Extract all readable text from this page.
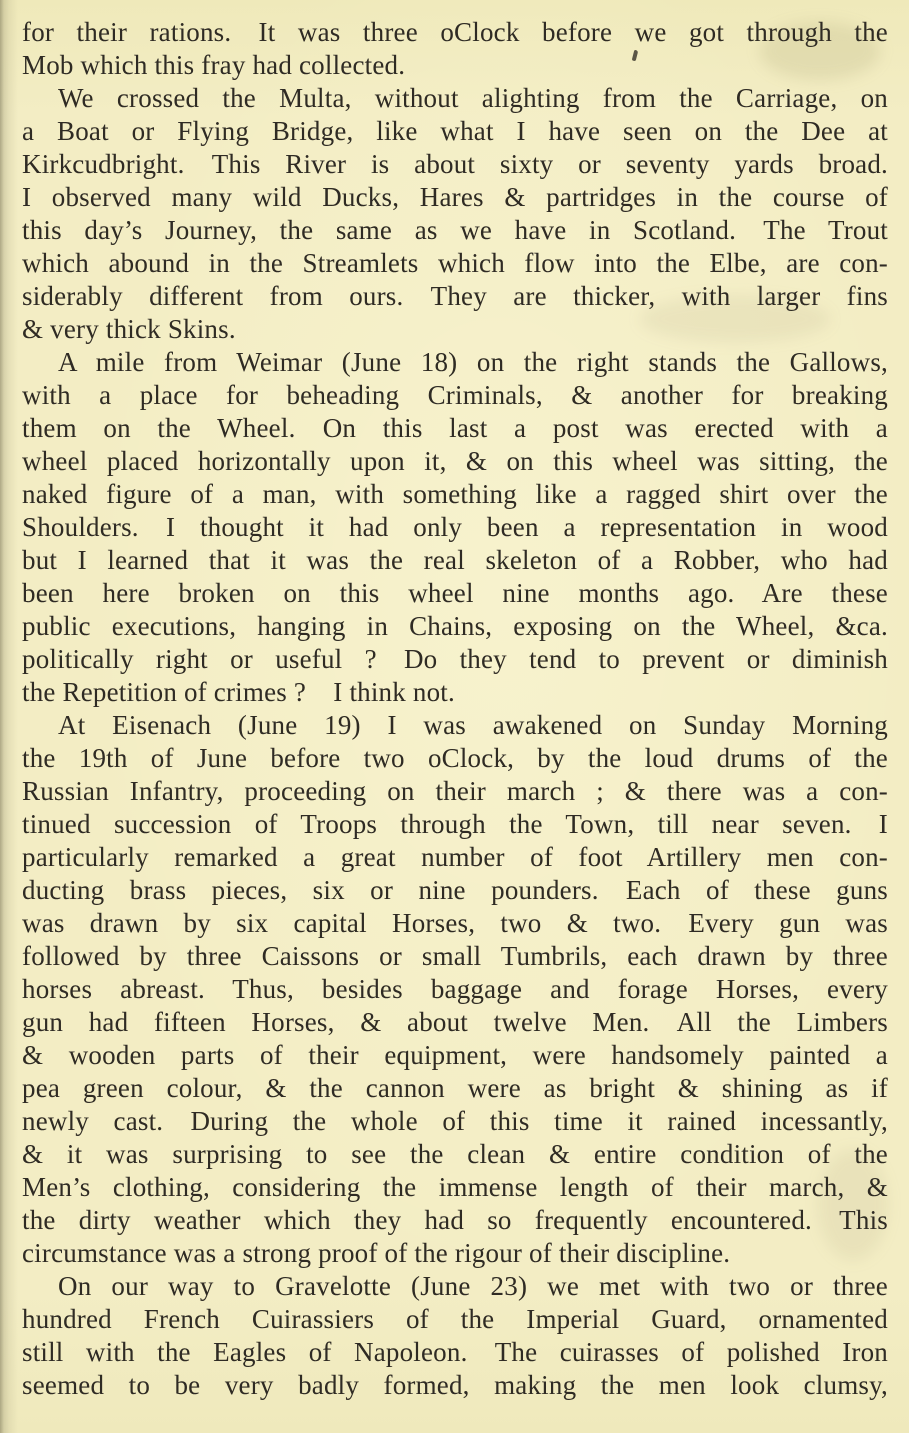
for their rations. It was three oClock before we got through the
Mob which this fray had collected.
We crossed the Multa, without alighting from the Carriage, on
a Boat or Flying Bridge, like what I have seen on the Dee at
Kirkcudbright. This River is about sixty or seventy yards broad.
I observed many wild Ducks, Hares & partridges in the course of
this day’s Journey, the same as we have in Scotland. The Trout
which abound in the Streamlets which flow into the Elbe, are con-
siderably different from ours. They are thicker, with larger fins
& very thick Skins.
A mile from Weimar (June 18) on the right stands the Gallows,
with a place for beheading Criminals, & another for breaking
them on the Wheel. On this last a post was erected with a
wheel placed horizontally upon it, & on this wheel was sitting, the
naked figure of a man, with something like a ragged shirt over the
Shoulders. I thought it had only been a representation in wood
but I learned that it was the real skeleton of a Robber, who had
been here broken on this wheel nine months ago. Are these
public executions, hanging in Chains, exposing on the Wheel, &ca.
politically right or useful ? Do they tend to prevent or diminish
the Repetition of crimes ? I think not.
At Eisenach (June 19) I was awakened on Sunday Morning
the 19th of June before two oClock, by the loud drums of the
Russian Infantry, proceeding on their march ; & there was a con-
tinued succession of Troops through the Town, till near seven. I
particularly remarked a great number of foot Artillery men con-
ducting brass pieces, six or nine pounders. Each of these guns
was drawn by six capital Horses, two & two. Every gun was
followed by three Caissons or small Tumbrils, each drawn by three
horses abreast. Thus, besides baggage and forage Horses, every
gun had fifteen Horses, & about twelve Men. All the Limbers
& wooden parts of their equipment, were handsomely painted a
pea green colour, & the cannon were as bright & shining as if
newly cast. During the whole of this time it rained incessantly,
& it was surprising to see the clean & entire condition of the
Men’s clothing, considering the immense length of their march, &
the dirty weather which they had so frequently encountered. This
circumstance was a strong proof of the rigour of their discipline.
On our way to Gravelotte (June 23) we met with two or three
hundred French Cuirassiers of the Imperial Guard, ornamented
still with the Eagles of Napoleon. The cuirasses of polished Iron
seemed to be very badly formed, making the men look clumsy,
